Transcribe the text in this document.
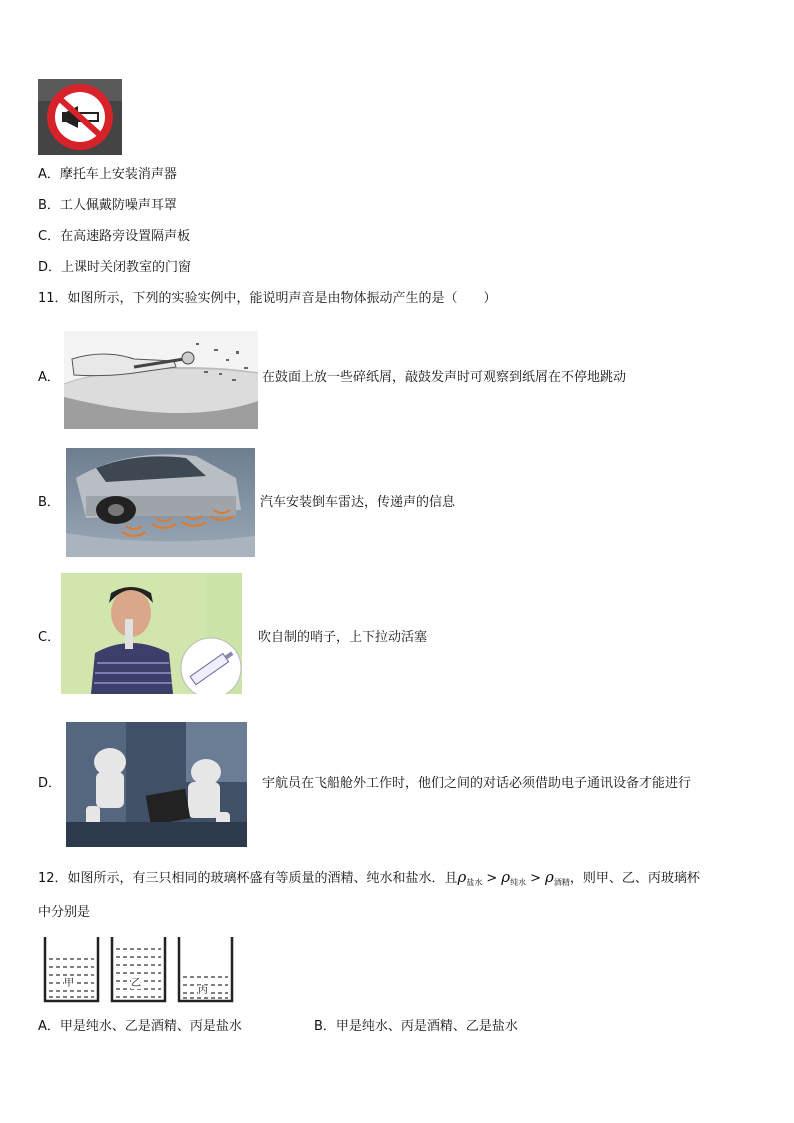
A．摩托车上安装消声器
B．工人佩戴防噪声耳罩
C．在高速路旁设置隔声板
D．上课时关闭教室的门窗
11．如图所示，下列的实验实例中，能说明声音是由物体振动产生的是（　　）
A．	在鼓面上放一些碎纸屑，敲鼓发声时可观察到纸屑在不停地跳动
B．	汽车安装倒车雷达，传递声的信息
C．	吹自制的哨子，上下拉动活塞
D．	宇航员在飞船舱外工作时，他们之间的对话必须借助电子通讯设备才能进行
12．如图所示，有三只相同的玻璃杯盛有等质量的酒精、纯水和盐水．且$\rho_{盐水} > \rho_{纯水} > \rho_{酒精}$，则甲、乙、丙玻璃杯
中分别是
甲	乙
丙
A．甲是纯水、乙是酒精、丙是盐水	B．甲是纯水、丙是酒精、乙是盐水
